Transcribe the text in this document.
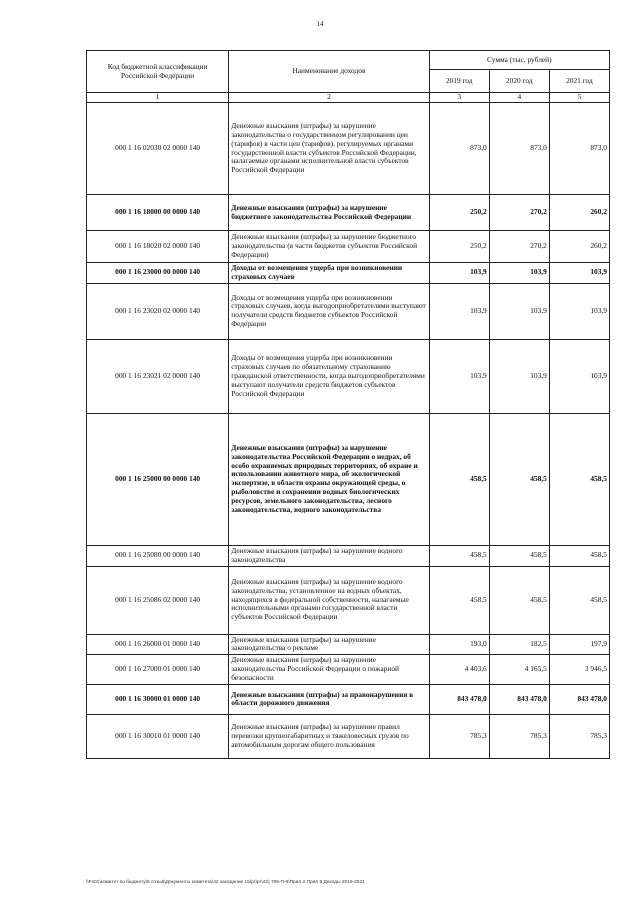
14
Код бюджетной классификации Российской Федерации	Наименование доходов	Сумма (тыс. рублей)		
		2019 год	2020 год	2021 год
1	2	3	4	5
000 1 16 02030 02 0000 140	Денежные взыскания (штрафы) за нарушение законодательства о государственном регулировании цен (тарифов) в части цен (тарифов), регулируемых органами государственной власти субъектов Российской Федерации, налагаемые органами исполнительной власти субъектов Российской Федерации	873,0	873,0	873,0
000 1 16 18000 00 0000 140	Денежные взыскания (штрафы) за нарушение бюджетного законодательства Российской Федерации	250,2	270,2	260,2
000 1 16 18020 02 0000 140	Денежные взыскания (штрафы) за нарушение бюджетного законодательства (в части бюджетов субъектов Российской Федерации)	250,2	270,2	260,2
000 1 16 23000 00 0000 140	Доходы от возмещения ущерба при возникновении страховых случаев	103,9	103,9	103,9
000 1 16 23020 02 0000 140	Доходы от возмещения ущерба при возникновении страховых случаев, когда выгодоприобретателями выступают получатели средств бюджетов субъектов Российской Федерации	103,9	103,9	103,9
000 1 16 23021 02 0000 140	Доходы от возмещения ущерба при возникновении страховых случаев по обязательному страхованию гражданской ответственности, когда выгодоприобретателями выступают получатели средств бюджетов субъектов Российской Федерации	103,9	103,9	103,9
000 1 16 25000 00 0000 140	Денежные взыскания (штрафы) за нарушение законодательства Российской Федерации о недрах, об особо охраняемых природных территориях, об охране и использовании животного мира, об экологической экспертизе, в области охраны окружающей среды, о рыболовстве и сохранении водных биологических ресурсов, земельного законодательства, лесного законодательства, водного законодательства	458,5	458,5	458,5
000 1 16 25080 00 0000 140	Денежные взыскания (штрафы) за нарушение водного законодательства	458,5	458,5	458,5
000 1 16 25086 02 0000 140	Денежные взыскания (штрафы) за нарушение водного законодательства, установленное на водных объектах, находящихся в федеральной собственности, налагаемые исполнительными органами государственной власти субъектов Российской Федерации	458,5	458,5	458,5
000 1 16 26000 01 0000 140	Денежные взыскания (штрафы) за нарушение законодательства о рекламе	193,0	182,5	197,9
000 1 16 27000 01 0000 140	Денежные взыскания (штрафы) за нарушение законодательства Российской Федерации о пожарной безопасности	4 403,6	4 165,5	3 946,5
000 1 16 30000 01 0000 140	Денежные взыскания (штрафы) за правонарушения в области дорожного движения	843 478,0	843 478,0	843 478,0
000 1 16 30010 01 0000 140	Денежные взыскания (штрафы) за нарушение правил перевозки крупногабаритных и тяжеловесных грузов по автомобильным дорогам общего пользования	785,3	785,3	785,3
\\Fs01\комитет по бюджету\5 созыв\Документы комитета\42 заседание 15\рг\рг\42) 769-П-6\Прил 2 Прил 9 Доходы 2019-2021
